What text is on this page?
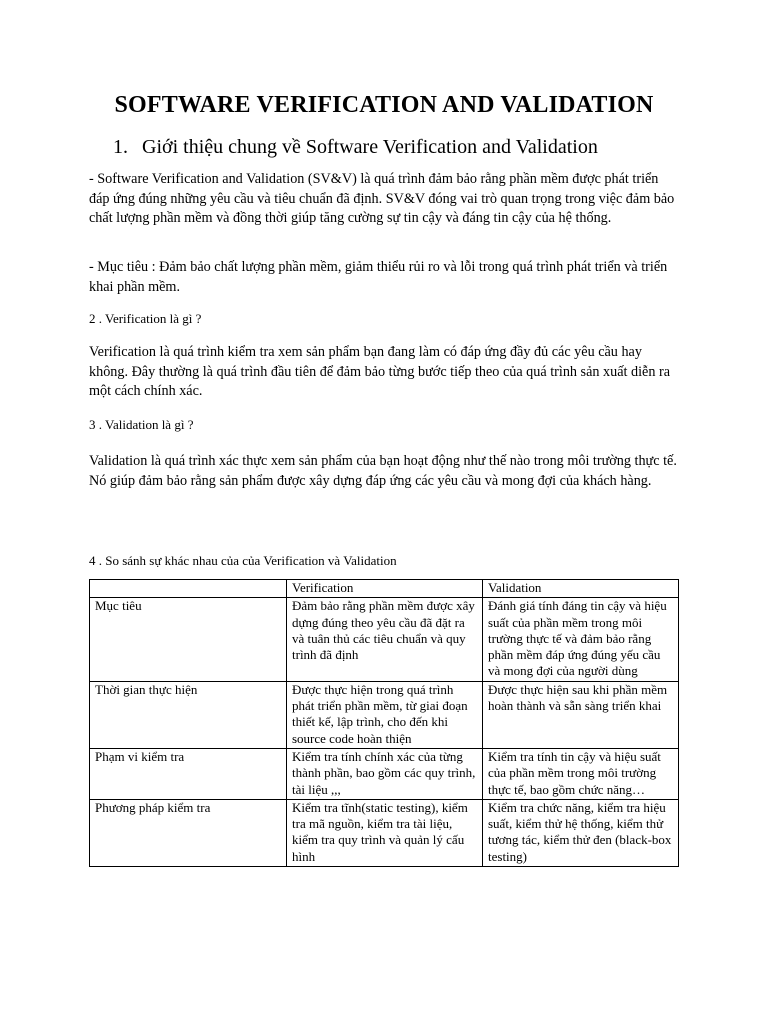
SOFTWARE VERIFICATION AND VALIDATION
1. Giới thiệu chung về Software Verification and Validation

- Software Verification and Validation (SV&V) là quá trình đảm bảo rằng phần mềm được phát triển đáp ứng đúng những yêu cầu và tiêu chuẩn đã định. SV&V đóng vai trò quan trọng trong việc đảm bảo chất lượng phần mềm và đồng thời giúp tăng cường sự tin cậy và đáng tin cậy của hệ thống.

- Mục tiêu : Đảm bảo chất lượng phần mềm, giảm thiểu rủi ro và lỗi trong quá trình phát triển và triển khai phần mềm.

2 . Verification là gì ?

Verification là quá trình kiểm tra xem sản phẩm bạn đang làm có đáp ứng đầy đủ các yêu cầu hay không. Đây thường là quá trình đầu tiên để đảm bảo từng bước tiếp theo của quá trình sản xuất diễn ra một cách chính xác.

3 . Validation là gì ?

Validation là quá trình xác thực xem sản phẩm của bạn hoạt động như thế nào trong môi trường thực tế. Nó giúp đảm bảo rằng sản phẩm được xây dựng đáp ứng các yêu cầu và mong đợi của khách hàng.

4 . So sánh sự khác nhau của của Verification và Validation

	Verification	Validation
Mục tiêu	Đảm bảo rằng phần mềm được xây dựng đúng theo yêu cầu đã đặt ra và tuân thủ các tiêu chuẩn và quy trình đã định	Đánh giá tính đáng tin cậy và hiệu suất của phần mềm trong môi trường thực tế và đảm bảo rằng phần mềm đáp ứng đúng yếu cầu và mong đợi của người dùng
Thời gian thực hiện	Được thực hiện trong quá trình phát triển phần mềm, từ giai đoạn thiết kế, lập trình, cho đến khi source code hoàn thiện	Được thực hiện sau khi phần mềm hoàn thành và sẵn sàng triển khai
Phạm vi kiểm tra	Kiểm tra tính chính xác của từng thành phần, bao gồm các quy trình, tài liệu ,,,	Kiểm tra tính tin cậy và hiệu suất của phần mềm trong môi trường thực tế, bao gồm chức năng…
Phương pháp kiểm tra	Kiểm tra tĩnh(static testing), kiểm tra mã nguồn, kiểm tra tài liệu, kiểm tra quy trình và quản lý cấu hình	Kiểm tra chức năng, kiểm tra hiệu suất, kiểm thử hệ thống, kiểm thử tương tác, kiểm thử đen (black-box testing)
